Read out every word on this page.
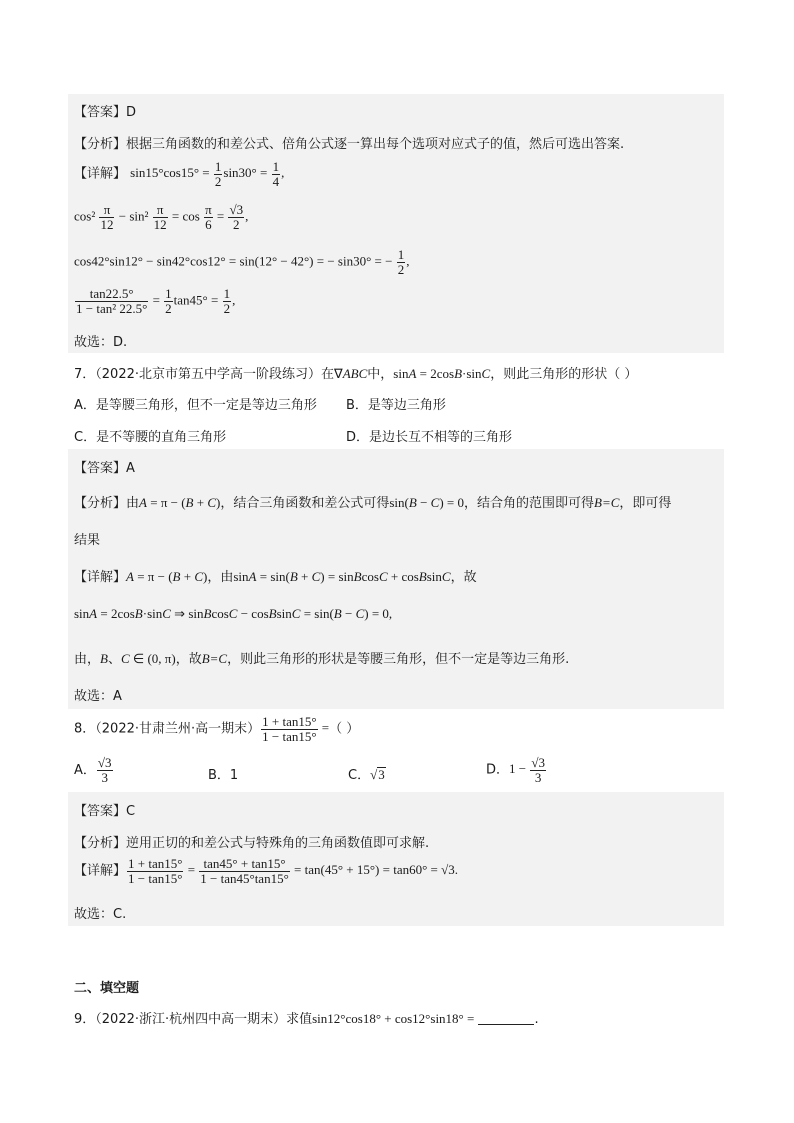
【答案】D
【分析】根据三角函数的和差公式、倍角公式逐一算出每个选项对应式子的值，然后可选出答案.
【详解】 $\sin 15^\circ\cos 15^\circ = \frac{1}{2} \sin 30^\circ = \frac{1}{4}$ ,
$\cos^2 \frac{\pi}{12} - \sin^2 \frac{\pi}{12} = \cos \frac{\pi}{6} = \frac{√3}{2}$ ,
cos42°sin12° − sin42°cos12° = sin(12° − 42°) = − sin30° = − $\frac{1}{2}$ ,
$\frac{\tan 22.5^\circ}{\text{1 − tan² 22.5°}} = \frac{1}{2} \tan 45^\circ = \frac{1}{2}$ ,
故选：D.
7．（2022·北京市第五中学高一阶段练习）在∇ABC中，sinA = 2cosB·sinC，则此三角形的形状（ ）
A．是等腰三角形，但不一定是等边三角形 B．是等边三角形
C．是不等腰的直角三角形	D．是边长互不相等的三角形
【答案】A
【分析】由A = π − (B + C)，结合三角函数和差公式可得sin(B − C) = 0，结合角的范围即可得B=C，即可得
结果
【详解】A = π − (B + C)，由sinA = sin(B + C) = sinBcosC + cosBsinC，故
sinA = 2cosB·sinC ⇒ sinBcosC − cosBsinC = sin(B − C) = 0,
由，B、C ∈ (0, π)，故B=C，则此三角形的形状是等腰三角形，但不一定是等边三角形.
故选：A
8．（2022·甘肃兰州·高一期末） $\frac{1 + \tan 15^\circ}{1 - \tan 15^\circ}$ =（ ）
A． $\frac{√3}{3}$	B．1	C．√3	D．$1 - \frac{√3}{3}$
【答案】C
【分析】逆用正切的和差公式与特殊角的三角函数值即可求解.
【详解】 $\frac{1 + \tan 15^\circ}{1 - \tan 15^\circ} = \frac{\tan 45^\circ + \tan 15^\circ}{1 - \tan 45^\circ\tan 15^\circ} = \tan(45^\circ + 15^\circ) = \tan 60^\circ = √3$.
故选：C.
二、填空题
9．（2022·浙江·杭州四中高一期末）求值sin12°cos18° + cos12°sin18° =	.
